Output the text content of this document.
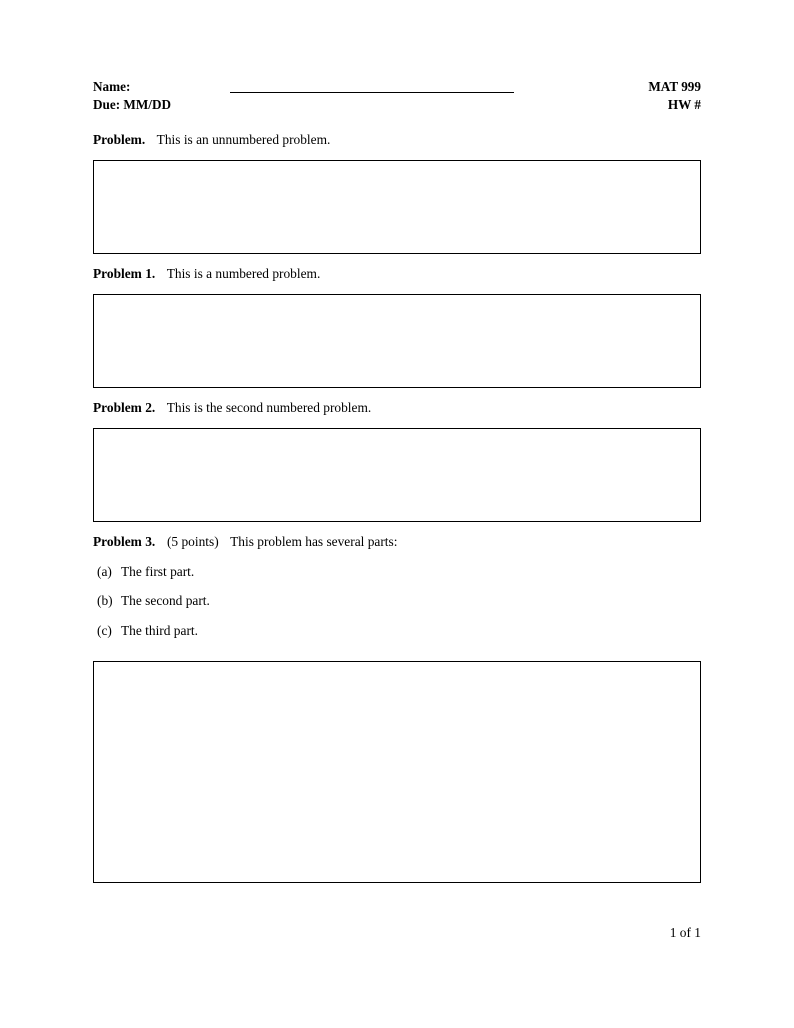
Name:	MAT 999
Due: MM/DD	HW #
Problem. This is an unnumbered problem.
Problem 1. This is a numbered problem.
Problem 2. This is the second numbered problem.
Problem 3. (5 points) This problem has several parts:
(a) The first part.
(b) The second part.
(c) The third part.
1 of 1
